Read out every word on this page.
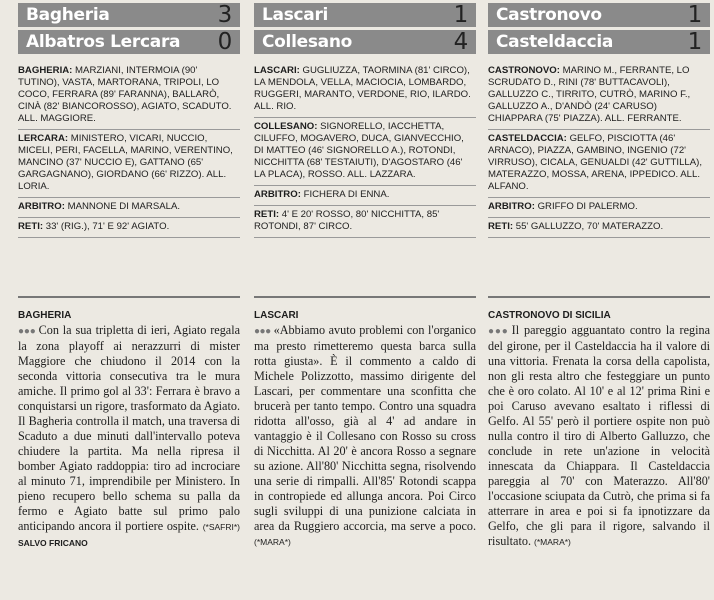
Bagheria	3
Albatros Lercara 0
BAGHERIA: MARZIANI, INTERMOIA (90' TUTINO), VASTA, MARTORANA, TRIPOLI, LO COCO, FERRARA (89' FARANNA), BALLARÒ, CINÀ (82' BIANCOROSSO), AGIATO, SCADUTO. ALL. MAGGIORE.
LERCARA: MINISTERO, VICARI, NUCCIO, MICELI, PERI, FACELLA, MARINO, VERENTINO, MANCINO (37' NUCCIO E), GATTANO (65' GARGAGNANO), GIORDANO (66' RIZZO). ALL. LORIA.
ARBITRO: MANNONE DI MARSALA.
RETI: 33' (RIG.), 71' E 92' AGIATO.
BAGHERIA
●●● Con la sua tripletta di ieri, Agiato regala la zona playoff ai nerazzurri di mister Maggiore che chiudono il 2014 con la seconda vittoria consecutiva tra le mura amiche. Il primo gol al 33': Ferrara è bravo a conquistarsi un rigore, trasformato da Agiato. Il Bagheria controlla il match, una traversa di Scaduto a due minuti dall'intervallo poteva chiudere la partita. Ma nella ripresa il bomber Agiato raddoppia: tiro ad incrociare al minuto 71, imprendibile per Ministero. In pieno recupero bello schema su palla da fermo e Agiato batte sul primo palo anticipando ancora il portiere ospite. (*SAFRI*) SALVO FRICANO
Lascari	1
Collesano	4
LASCARI: GUGLIUZZA, TAORMINA (81' CIRCO), LA MENDOLA, VELLA, MACIOCIA, LOMBARDO, RUGGERI, MARANTO, VERDONE, RIO, ILARDO. ALL. RIO.
COLLESANO: SIGNORELLO, IACCHETTA, CILUFFO, MOGAVERO, DUCA, GIANVECCHIO, DI MATTEO (46' SIGNORELLO A.), ROTONDI, NICCHITTA (68' TESTAIUTI), D'AGOSTARO (46' LA PLACA), ROSSO. ALL. LAZZARA.
ARBITRO: FICHERA DI ENNA.
RETI: 4' E 20' ROSSO, 80' NICCHITTA, 85' ROTONDI, 87' CIRCO.
LASCARI
●●● «Abbiamo avuto problemi con l'organico ma presto rimetteremo questa barca sulla rotta giusta». È il commento a caldo di Michele Polizzotto, massimo dirigente del Lascari, per commentare una sconfitta che brucerà per tanto tempo. Contro una squadra ridotta all'osso, già al 4' ad andare in vantaggio è il Collesano con Rosso su cross di Nicchitta. Al 20' è ancora Rosso a segnare su azione. All'80' Nicchitta segna, risolvendo una serie di rimpalli. All'85' Rotondi scappa in contropiede ed allunga ancora. Poi Circo sugli sviluppi di una punizione calciata in area da Ruggiero accorcia, ma serve a poco. (*MARA*)
Castronovo	1
Casteldaccia	1
CASTRONOVO: MARINO M., FERRANTE, LO SCRUDATO D., RINI (78' BUTTACAVOLI), GALLUZZO C., TIRRITO, CUTRÒ, MARINO F., GALLUZZO A., D'ANDÒ (24' CARUSO) CHIAPPARA (75' PIAZZA). ALL. FERRANTE.
CASTELDACCIA: GELFO, PISCIOTTA (46' ARNACO), PIAZZA, GAMBINO, INGENIO (72' VIRRUSO), CICALA, GENUALDI (42' GUTTILLA), MATERAZZO, MOSSA, ARENA, IPPEDICO. ALL. ALFANO.
ARBITRO: GRIFFO DI PALERMO.
RETI: 55' GALLUZZO, 70' MATERAZZO.
CASTRONOVO DI SICILIA
●●● Il pareggio agguantato contro la regina del girone, per il Casteldaccia ha il valore di una vittoria. Frenata la corsa della capolista, non gli resta altro che festeggiare un punto che è oro colato. Al 10' e al 12' prima Rini e poi Caruso avevano esaltato i riflessi di Gelfo. Al 55' però il portiere ospite non può nulla contro il tiro di Alberto Galluzzo, che conclude in rete un'azione in velocità innescata da Chiappara. Il Casteldaccia pareggia al 70' con Materazzo. All'80' l'occasione sciupata da Cutrò, che prima si fa atterrare in area e poi si fa ipnotizzare da Gelfo, che gli para il rigore, salvando il risultato. (*MARA*)
